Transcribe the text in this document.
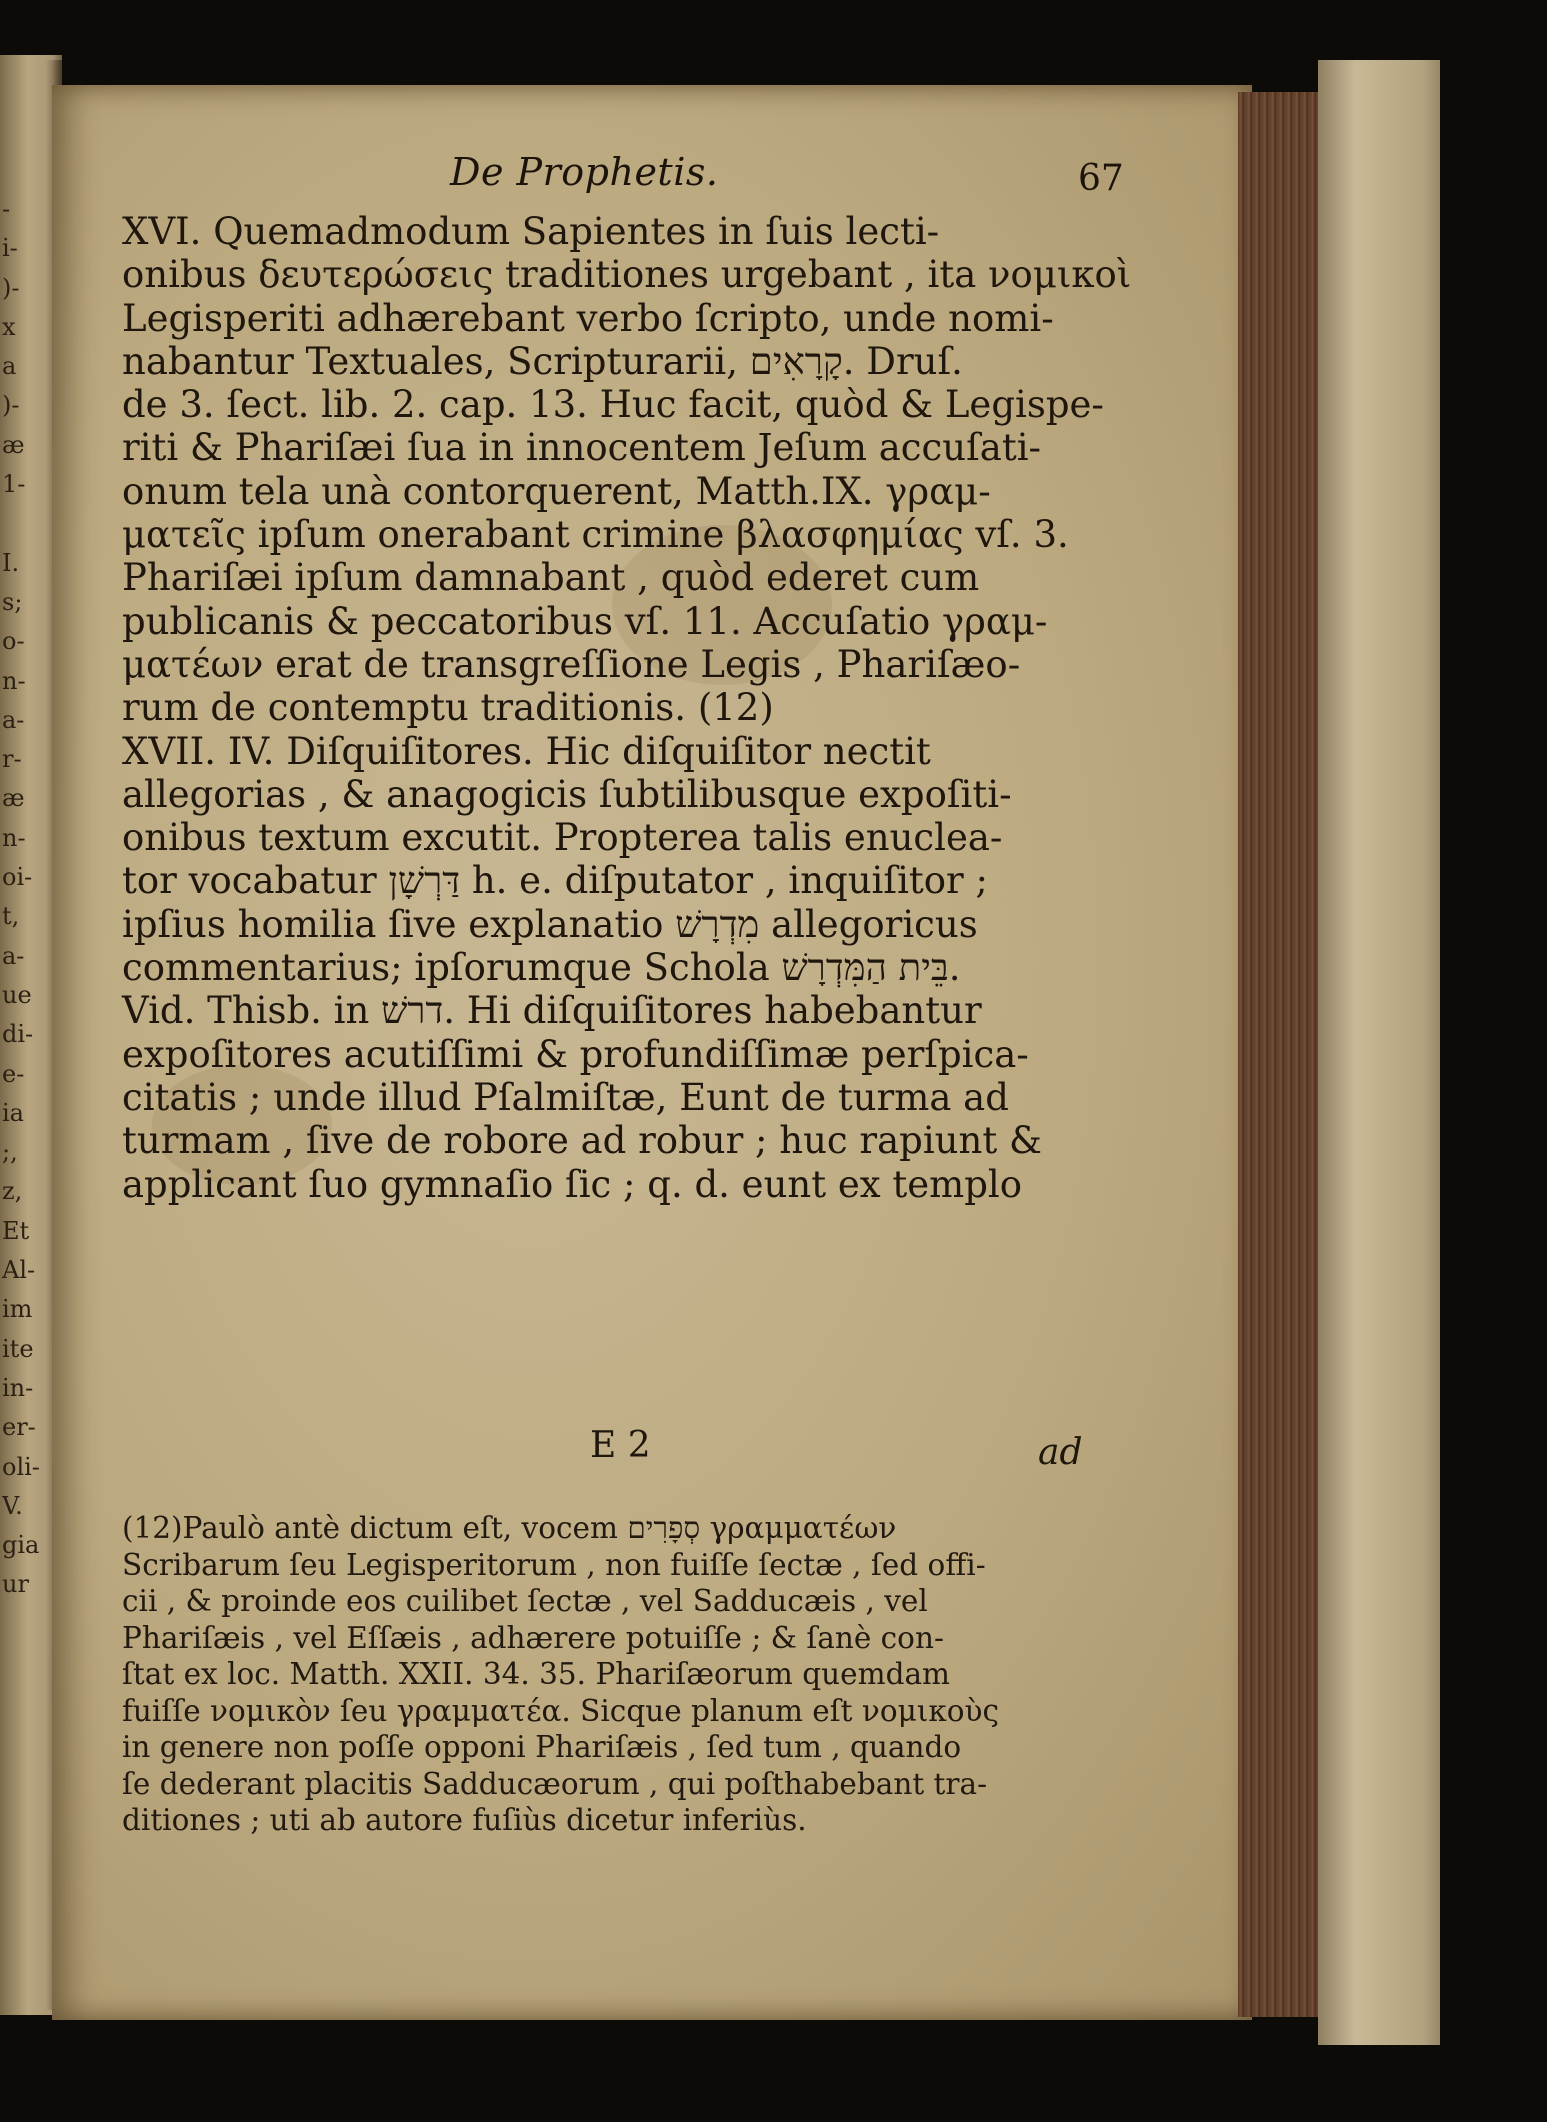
-
i-
)-
x
a
)-
æ
1-
I.
s;
o-
n-
a-
r-
æ
n-
oi-
t,
a-
ue
di-
e-
ia
;,
z,
Et
Al-
im
ite
in-
er-
oli-
V.
gia
ur
De Prophetis.	67
XVI. Quemadmodum Sapientes in ſuis lecti-
onibus δευτερώσεις traditiones urgebant , ita νομικοὶ
Legisperiti adhærebant verbo ſcripto, unde nomi-
nabantur Textuales, Scripturarii, קָרָאִים. Druſ.
de 3. ſect. lib. 2. cap. 13. Huc facit, quòd & Legispe-
riti & Phariſæi ſua in innocentem Jeſum accuſati-
onum tela unà contorquerent, Matth.IX. γραμ-
ματεῖς ipſum onerabant crimine βλασφημίας vſ. 3.
Phariſæi ipſum damnabant , quòd ederet cum
publicanis & peccatoribus vſ. 11. Accuſatio γραμ-
ματέων erat de transgreſſione Legis , Phariſæo-
rum de contemptu traditionis. (12)
XVII. IV. Diſquiſitores. Hic diſquiſitor nectit
allegorias , & anagogicis ſubtilibusque expoſiti-
onibus textum excutit. Propterea talis enuclea-
tor vocabatur דַּרְשָׁן h. e. diſputator , inquiſitor ;
ipſius homilia ſive explanatio מִדְרָשׁ allegoricus
commentarius; ipſorumque Schola בֵּית הַמִּדְרָשׁ.
Vid. Thisb. in דרשׁ. Hi diſquiſitores habebantur
expoſitores acutiſſimi & profundiſſimæ perſpica-
citatis ; unde illud Pſalmiſtæ, Eunt de turma ad
turmam , ſive de robore ad robur ; huc rapiunt &
applicant ſuo gymnaſio ſic ; q. d. eunt ex templo
E 2	ad
(12)Paulò antè dictum eſt, vocem סְפָרִים γραμματέων
Scribarum ſeu Legisperitorum , non fuiſſe ſectæ , ſed offi-
cii , & proinde eos cuilibet ſectæ , vel Sadducæis , vel
Phariſæis , vel Eſſæis , adhærere potuiſſe ; & ſanè con-
ſtat ex loc. Matth. XXII. 34. 35. Phariſæorum quemdam
fuiſſe νομικὸν ſeu γραμματέα. Sicque planum eſt νομικοὺς
in genere non poſſe opponi Phariſæis , ſed tum , quando
ſe dederant placitis Sadducæorum , qui poſthabebant tra-
ditiones ; uti ab autore fuſiùs dicetur inferiùs.
